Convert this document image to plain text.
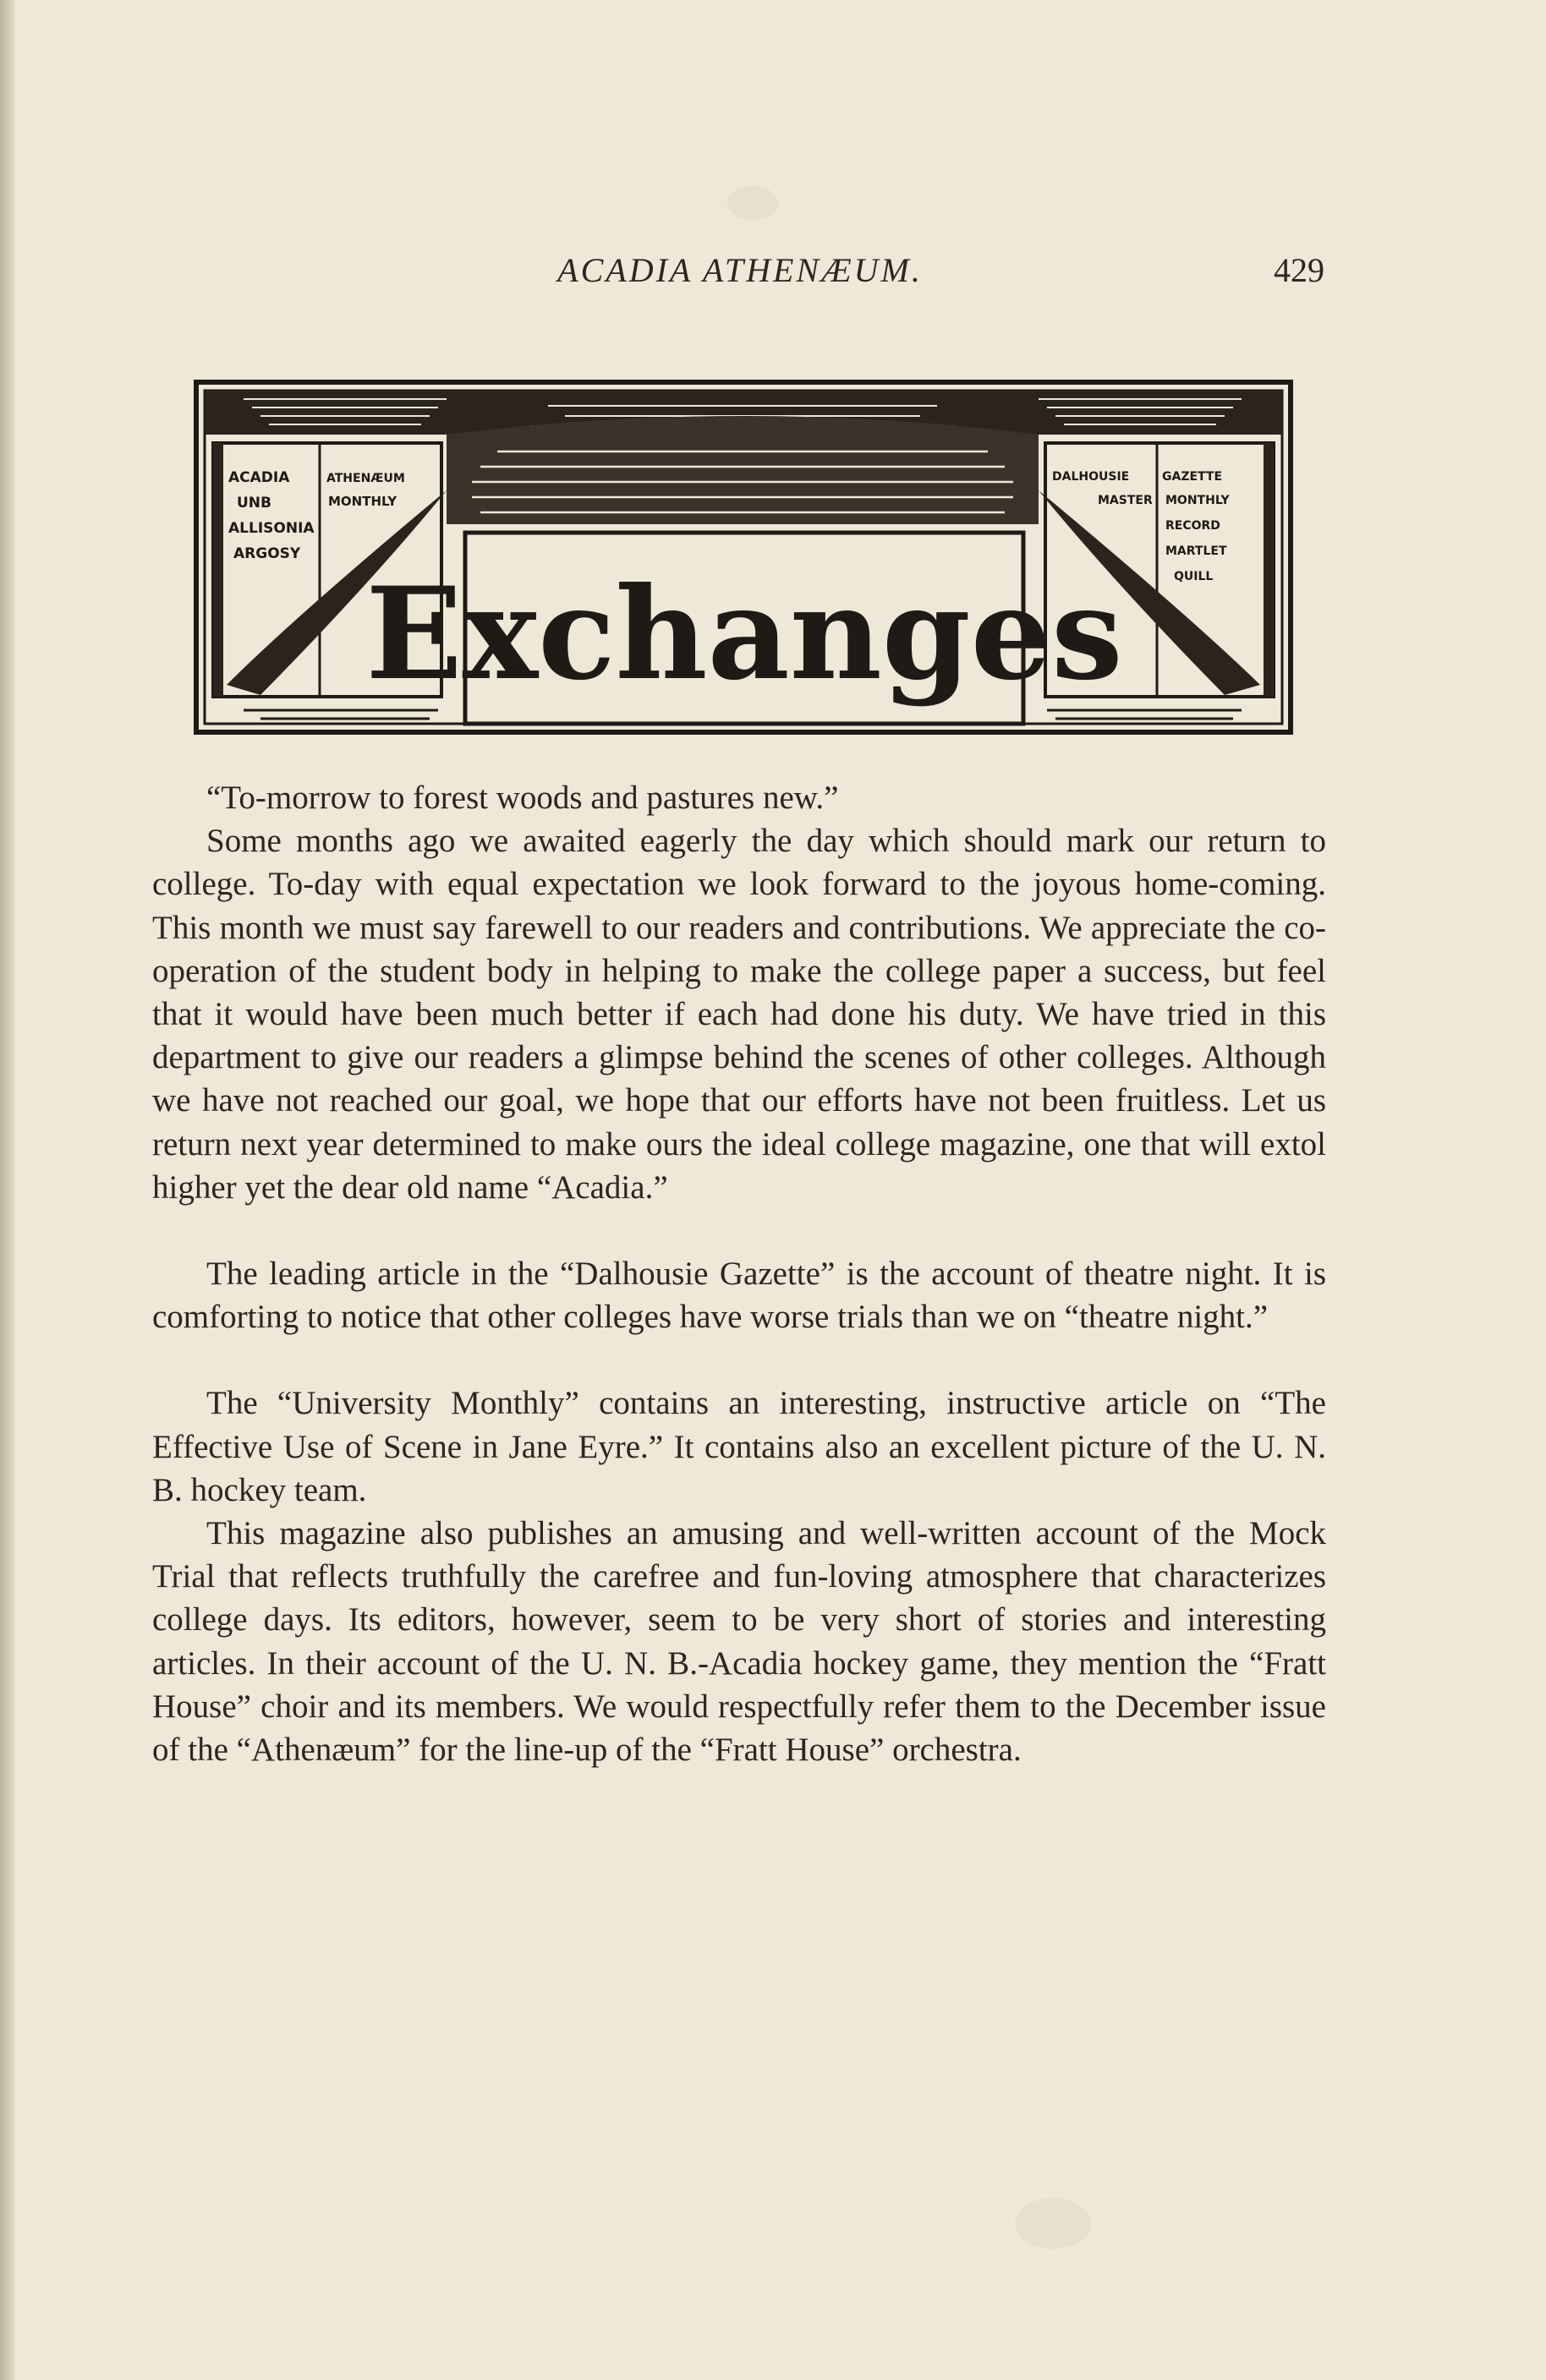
ACADIA ATHENÆUM.	429
ACADIA
UNB
ALLISONIA
ARGOSY
ATHENÆUM
MONTHLY
DALHOUSIE	GAZETTE
MASTER MONTHLY
RECORD
MARTLET
QUILL
Exchanges

“To-morrow to forest woods and pastures new.”

Some months ago we awaited eagerly the day which should mark our return to college. To-day with equal expectation we look forward to the joyous home-coming. This month we must say farewell to our readers and contributions. We appreciate the co-operation of the student body in helping to make the college paper a success, but feel that it would have been much better if each had done his duty. We have tried in this department to give our readers a glimpse behind the scenes of other colleges. Although we have not reached our goal, we hope that our efforts have not been fruitless. Let us return next year determined to make ours the ideal college magazine, one that will extol higher yet the dear old name “Acadia.”

The leading article in the “Dalhousie Gazette” is the account of theatre night. It is comforting to notice that other colleges have worse trials than we on “theatre night.”

The “University Monthly” contains an interesting, instructive article on “The Effective Use of Scene in Jane Eyre.” It contains also an excellent picture of the U. N. B. hockey team.

This magazine also publishes an amusing and well-written account of the Mock Trial that reflects truthfully the carefree and fun-loving atmosphere that characterizes college days. Its editors, however, seem to be very short of stories and interesting articles. In their account of the U. N. B.-Acadia hockey game, they mention the “Fratt House” choir and its members. We would respectfully refer them to the December issue of the “Athenæum” for the line-up of the “Fratt House” orchestra.
